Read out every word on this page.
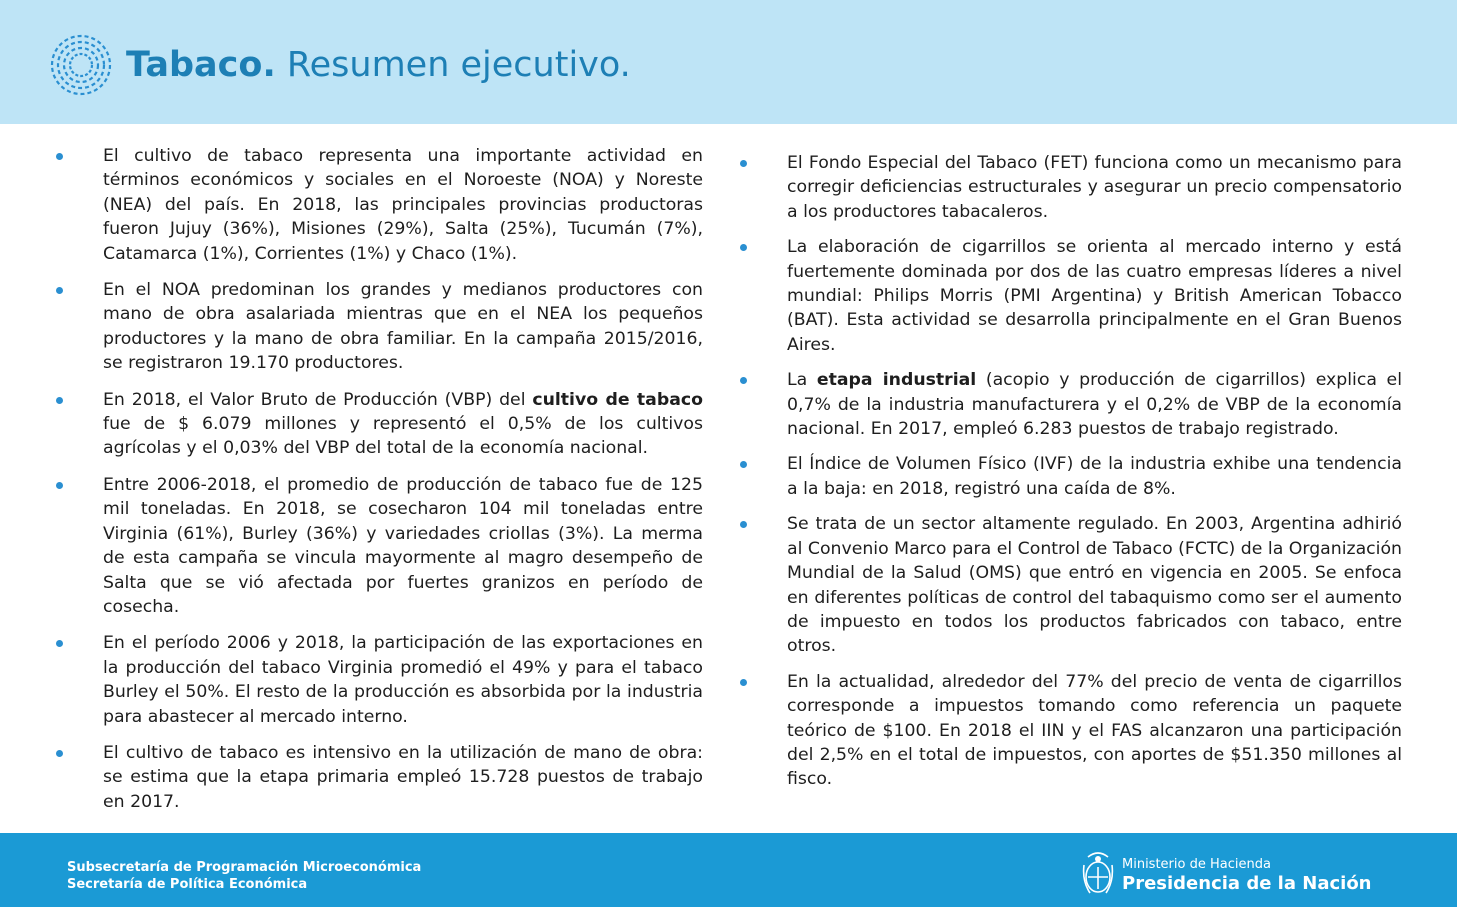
Tabaco. Resumen ejecutivo.
El cultivo de tabaco representa una importante actividad en términos económicos y sociales en el Noroeste (NOA) y Noreste (NEA) del país. En 2018, las principales provincias productoras fueron Jujuy (36%), Misiones (29%), Salta (25%), Tucumán (7%), Catamarca (1%), Corrientes (1%) y Chaco (1%).
En el NOA predominan los grandes y medianos productores con mano de obra asalariada mientras que en el NEA los pequeños productores y la mano de obra familiar. En la campaña 2015/2016, se registraron 19.170 productores.
En 2018, el Valor Bruto de Producción (VBP) del cultivo de tabaco fue de $ 6.079 millones y representó el 0,5% de los cultivos agrícolas y el 0,03% del VBP del total de la economía nacional.
Entre 2006-2018, el promedio de producción de tabaco fue de 125 mil toneladas. En 2018, se cosecharon 104 mil toneladas entre Virginia (61%), Burley (36%) y variedades criollas (3%). La merma de esta campaña se vincula mayormente al magro desempeño de Salta que se vió afectada por fuertes granizos en período de cosecha.
En el período 2006 y 2018, la participación de las exportaciones en la producción del tabaco Virginia promedió el 49% y para el tabaco Burley el 50%. El resto de la producción es absorbida por la industria para abastecer al mercado interno.
El cultivo de tabaco es intensivo en la utilización de mano de obra: se estima que la etapa primaria empleó 15.728 puestos de trabajo en 2017.
El Fondo Especial del Tabaco (FET) funciona como un mecanismo para corregir deficiencias estructurales y asegurar un precio compensatorio a los productores tabacaleros.
La elaboración de cigarrillos se orienta al mercado interno y está fuertemente dominada por dos de las cuatro empresas líderes a nivel mundial: Philips Morris (PMI Argentina) y British American Tobacco (BAT). Esta actividad se desarrolla principalmente en el Gran Buenos Aires.
La etapa industrial (acopio y producción de cigarrillos) explica el 0,7% de la industria manufacturera y el 0,2% de VBP de la economía nacional. En 2017, empleó 6.283 puestos de trabajo registrado.
El Índice de Volumen Físico (IVF) de la industria exhibe una tendencia a la baja: en 2018, registró una caída de 8%.
Se trata de un sector altamente regulado. En 2003, Argentina adhirió al Convenio Marco para el Control de Tabaco (FCTC) de la Organización Mundial de la Salud (OMS) que entró en vigencia en 2005. Se enfoca en diferentes políticas de control del tabaquismo como ser el aumento de impuesto en todos los productos fabricados con tabaco, entre otros.
En la actualidad, alrededor del 77% del precio de venta de cigarrillos corresponde a impuestos tomando como referencia un paquete teórico de $100. En 2018 el IIN y el FAS alcanzaron una participación del 2,5% en el total de impuestos, con aportes de $51.350 millones al fisco.
Subsecretaría de Programación Microeconómica
Secretaría de Política Económica
Ministerio de Hacienda
Presidencia de la Nación
